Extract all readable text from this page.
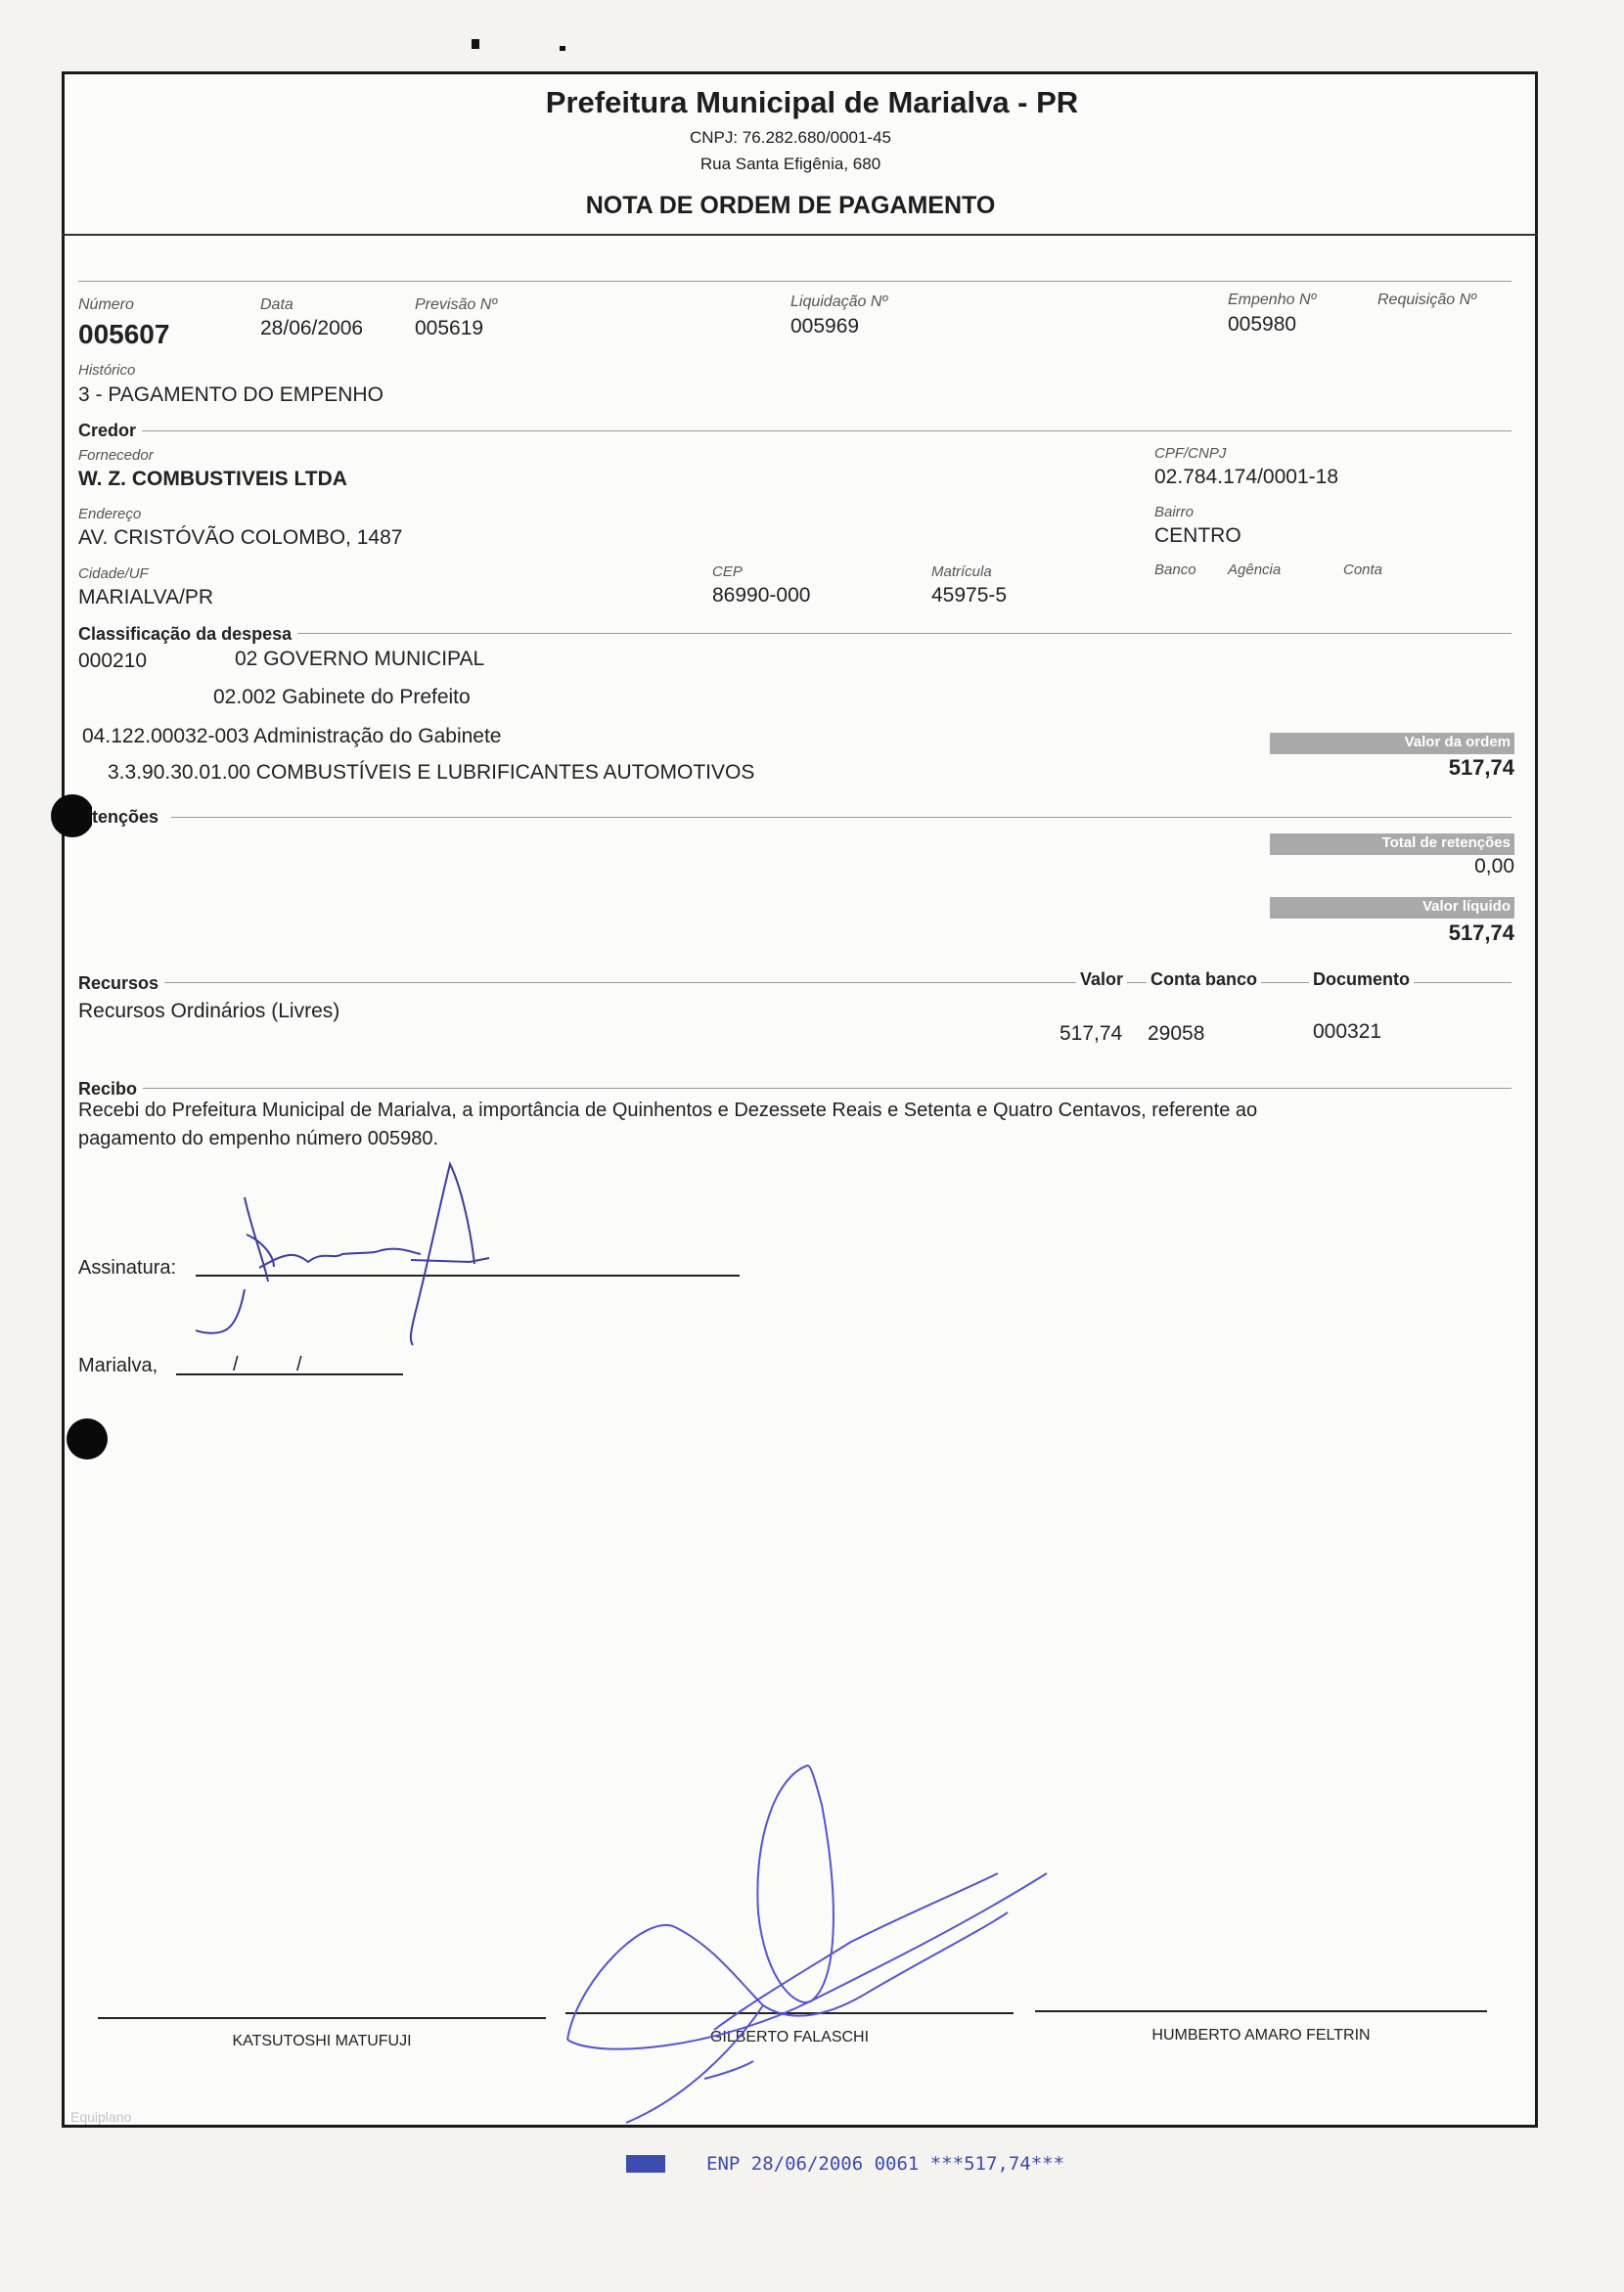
Prefeitura Municipal de Marialva - PR
CNPJ: 76.282.680/0001-45
Rua Santa Efigênia, 680
NOTA DE ORDEM DE PAGAMENTO
Número
005607
Data
28/06/2006
Previsão Nº
005619
Liquidação Nº
005969
Empenho Nº
005980
Requisição Nº
Histórico
3 - PAGAMENTO DO EMPENHO
Credor
Fornecedor
W. Z. COMBUSTIVEIS LTDA
CPF/CNPJ
02.784.174/0001-18
Endereço
AV. CRISTÓVÃO COLOMBO, 1487
Bairro
CENTRO
Cidade/UF
MARIALVA/PR
CEP
86990-000
Matrícula
45975-5
Banco Agência	Conta
Classificação da despesa
000210	02 GOVERNO MUNICIPAL
02.002 Gabinete do Prefeito
04.122.00032-003 Administração do Gabinete
3.3.90.30.01.00 COMBUSTÍVEIS E LUBRIFICANTES AUTOMOTIVOS
Valor da ordem
517,74
tenções
Total de retenções
0,00
Valor líquido
517,74
Recursos	Valor Conta banco	Documento
Recursos Ordinários (Livres)
517,74 29058	000321
Recibo
Recebi do Prefeitura Municipal de Marialva, a importância de Quinhentos e Dezessete Reais e Setenta e Quatro Centavos, referente ao
pagamento do empenho número 005980.
Assinatura:
Marialva,	/	/
KATSUTOSHI MATUFUJI	GILBERTO FALASCHI	HUMBERTO AMARO FELTRIN
Equiplano
ENP 28/06/2006 0061 ***517,74***
